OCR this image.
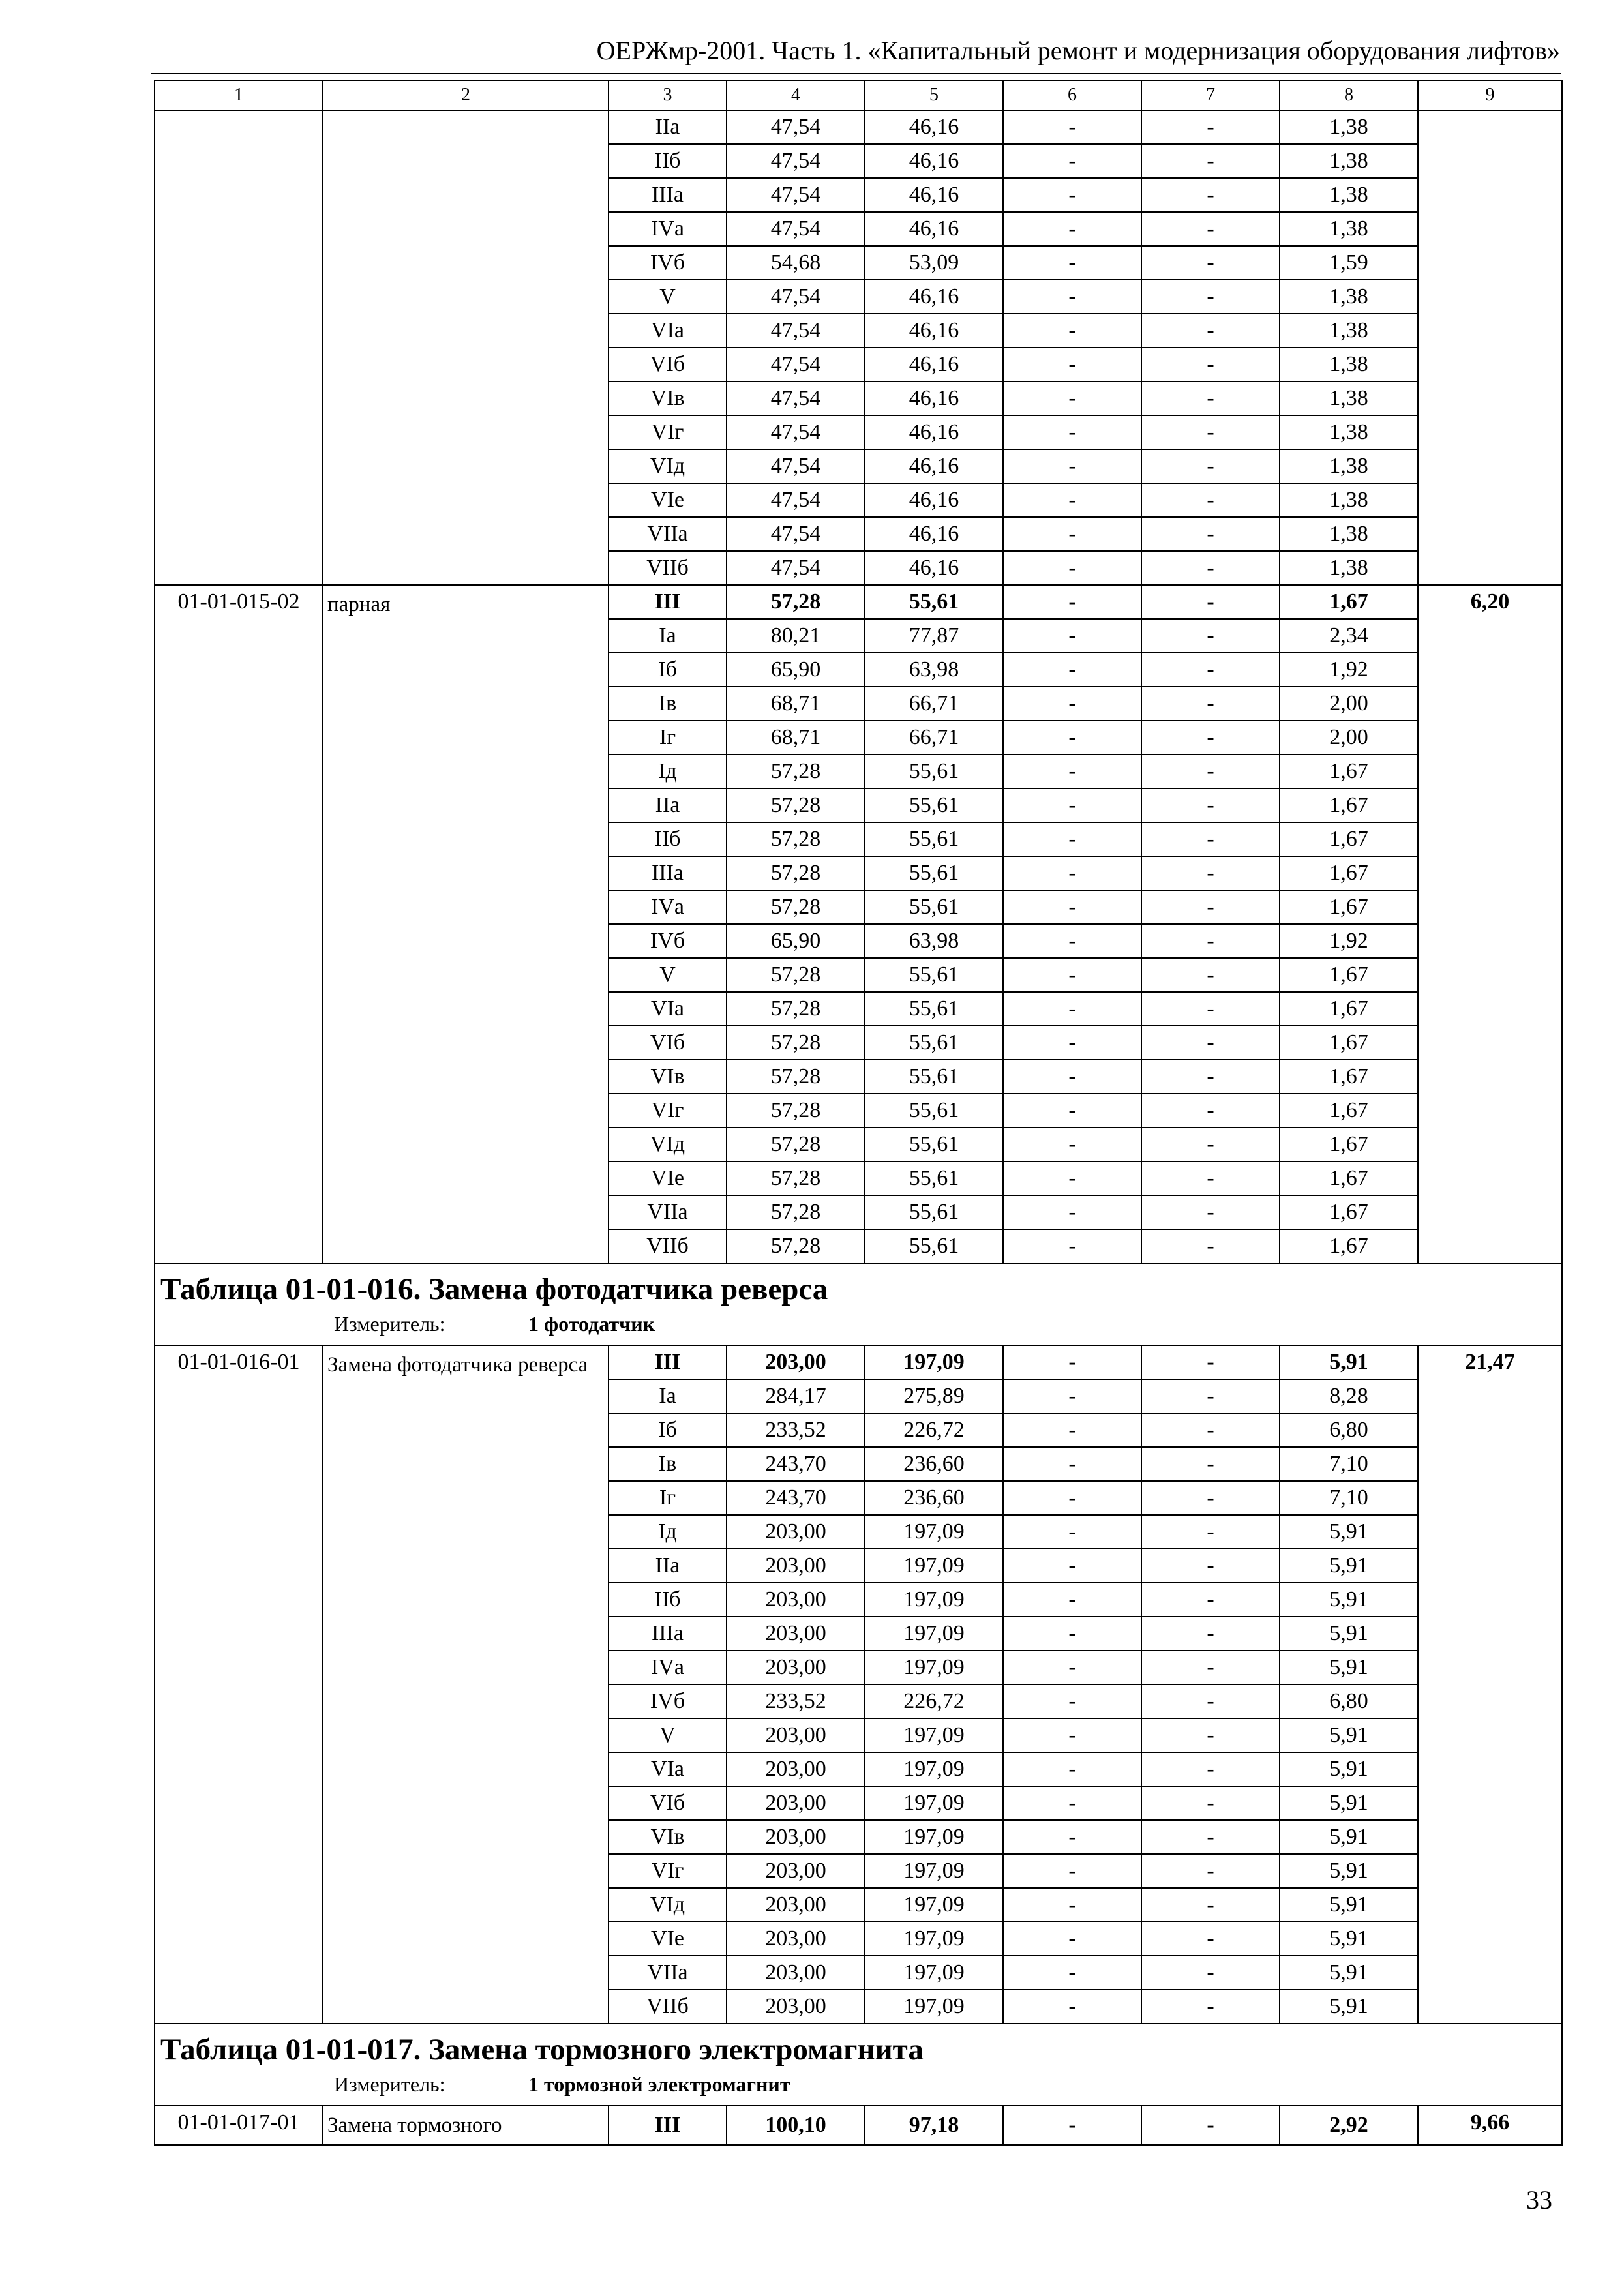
ОЕРЖмр-2001. Часть 1. «Капитальный ремонт и модернизация оборудования лифтов»
1	2	3	4	5	6	7	8	9
		IIа	47,54	46,16	-	-	1,38	
		IIб	47,54	46,16	-	-	1,38	
		IIIа	47,54	46,16	-	-	1,38	
		IVа	47,54	46,16	-	-	1,38	
		IVб	54,68	53,09	-	-	1,59	
		V	47,54	46,16	-	-	1,38	
		VIа	47,54	46,16	-	-	1,38	
		VIб	47,54	46,16	-	-	1,38	
		VIв	47,54	46,16	-	-	1,38	
		VIг	47,54	46,16	-	-	1,38	
		VIд	47,54	46,16	-	-	1,38	
		VIе	47,54	46,16	-	-	1,38	
		VIIа	47,54	46,16	-	-	1,38	
		VIIб	47,54	46,16	-	-	1,38	
01-01-015-02	парная	III	57,28	55,61	-	-	1,67	6,20
		Iа	80,21	77,87	-	-	2,34	
		Iб	65,90	63,98	-	-	1,92	
		Iв	68,71	66,71	-	-	2,00	
		Iг	68,71	66,71	-	-	2,00	
		Iд	57,28	55,61	-	-	1,67	
		IIа	57,28	55,61	-	-	1,67	
		IIб	57,28	55,61	-	-	1,67	
		IIIа	57,28	55,61	-	-	1,67	
		IVа	57,28	55,61	-	-	1,67	
		IVб	65,90	63,98	-	-	1,92	
		V	57,28	55,61	-	-	1,67	
		VIа	57,28	55,61	-	-	1,67	
		VIб	57,28	55,61	-	-	1,67	
		VIв	57,28	55,61	-	-	1,67	
		VIг	57,28	55,61	-	-	1,67	
		VIд	57,28	55,61	-	-	1,67	
		VIе	57,28	55,61	-	-	1,67	
		VIIа	57,28	55,61	-	-	1,67	
		VIIб	57,28	55,61	-	-	1,67	

Таблица 01-01-016. Замена фотодатчика реверса
Измеритель: 1 фотодатчик								

01-01-016-01	Замена фотодатчика реверса	III	203,00	197,09	-	-	5,91	21,47
		Iа	284,17	275,89	-	-	8,28	
		Iб	233,52	226,72	-	-	6,80	
		Iв	243,70	236,60	-	-	7,10	
		Iг	243,70	236,60	-	-	7,10	
		Iд	203,00	197,09	-	-	5,91	
		IIа	203,00	197,09	-	-	5,91	
		IIб	203,00	197,09	-	-	5,91	
		IIIа	203,00	197,09	-	-	5,91	
		IVа	203,00	197,09	-	-	5,91	
		IVб	233,52	226,72	-	-	6,80	
		V	203,00	197,09	-	-	5,91	
		VIа	203,00	197,09	-	-	5,91	
		VIб	203,00	197,09	-	-	5,91	
		VIв	203,00	197,09	-	-	5,91	
		VIг	203,00	197,09	-	-	5,91	
		VIд	203,00	197,09	-	-	5,91	
		VIе	203,00	197,09	-	-	5,91	
		VIIа	203,00	197,09	-	-	5,91	
		VIIб	203,00	197,09	-	-	5,91	

Таблица 01-01-017. Замена тормозного электромагнита
Измеритель: 1 тормозной электромагнит								

01-01-017-01	Замена тормозного	III	100,10	97,18	-	-	2,92	9,66
33
